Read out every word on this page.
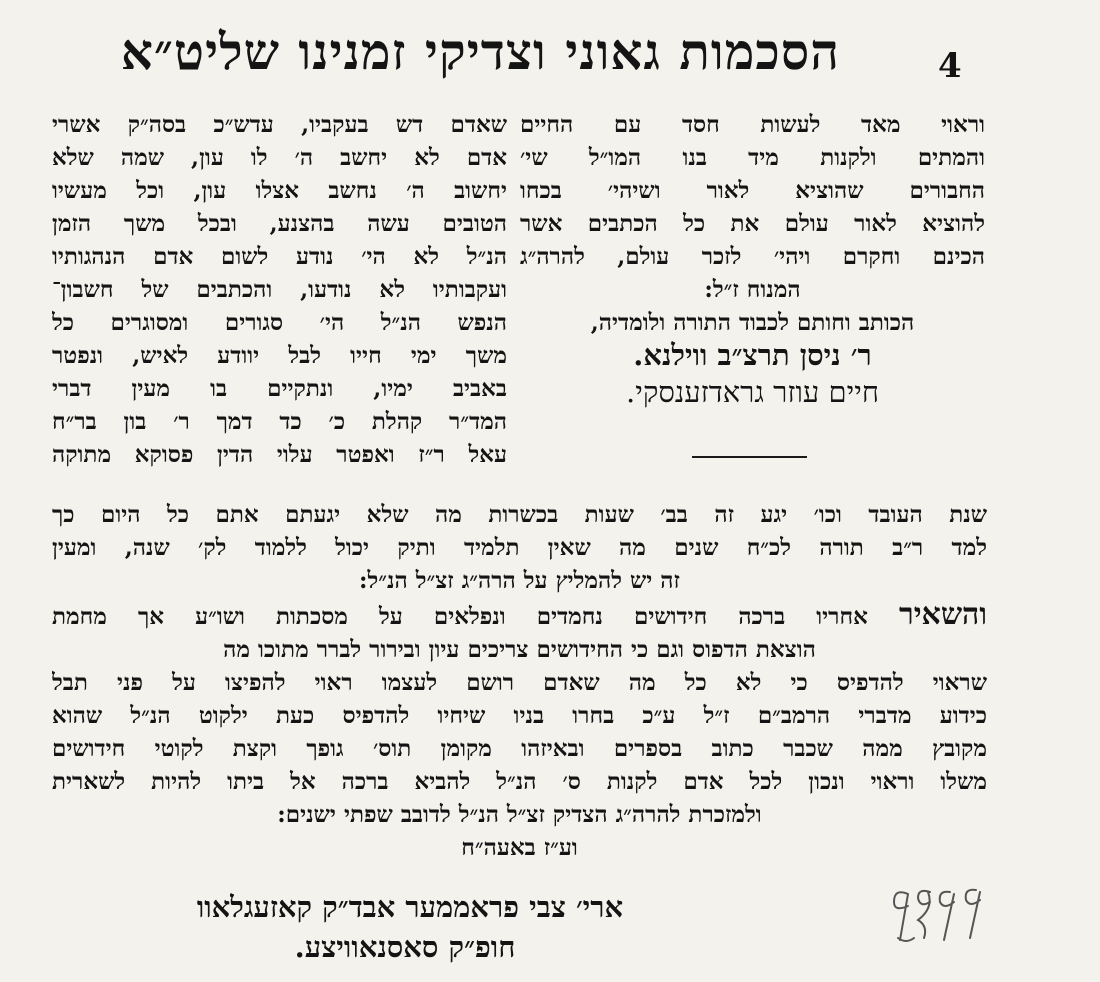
4
הסכמות גאוני וצדיקי זמנינו שליט״א
וראוי מאד לעשות חסד עם החיים
והמתים ולקנות מיד בנו המו״ל שי׳
החבורים שהוציא לאור ושיהי׳ בכחו
להוציא לאור עולם את כל הכתבים אשר
הכינם וחקרם ויהי׳ לזכר עולם, להרה״ג
המנוח ז״ל:
הכותב וחותם לכבוד התורה ולומדיה,
ר׳ ניסן תרצ״ב ווילנא.
חיים עוזר גראדזענסקי.
שאדם דש בעקביו, עדש״כ בסה״ק אשרי
אדם לא יחשב ה׳ לו עון, שמה שלא
יחשוב ה׳ נחשב אצלו עון, וכל מעשיו
הטובים עשה בהצנע, ובכל משך הזמן
הנ״ל לא הי׳ נודע לשום אדם הנהגותיו
ועקבותיו לא נודעו, והכתבים של חשבון־
הנפש הנ״ל הי׳ סגורים ומסוגרים כל
משך ימי חייו לבל יוודע לאיש, ונפטר
באביב ימיו, ונתקיים בו מעין דברי
המד״ר קהלת כ׳ כד דמך ר׳ בון בר״ח
עאל ר״ז ואפטר עלוי הדין פסוקא מתוקה
שנת העובד וכו׳ יגע זה בב׳ שעות בכשרות מה שלא יגעתם אתם כל היום כך
למד ר״ב תורה לכ״ח שנים מה שאין תלמיד ותיק יכול ללמוד לק׳ שנה, ומעין
זה יש להמליץ על הרה״ג זצ״ל הנ״ל:
והשאיר אחריו ברכה חידושים נחמדים ונפלאים על מסכתות ושו״ע אך מחמת
הוצאת הדפוס וגם כי החידושים צריכים עיון ובירור לברר מתוכו מה
שראוי להדפיס כי לא כל מה שאדם רושם לעצמו ראוי להפיצו על פני תבל
כידוע מדברי הרמב״ם ז״ל ע״כ בחרו בניו שיחיו להדפיס כעת ילקוט הנ״ל שהוא
מקובץ ממה שכבר כתוב בספרים ובאיזהו מקומן תוס׳ גופך וקצת לקוטי חידושים
משלו וראוי ונכון לכל אדם לקנות ס׳ הנ״ל להביא ברכה אל ביתו להיות לשארית
ולמזכרת להרה״ג הצדיק זצ״ל הנ״ל לדובב שפתי ישנים:
וע״ז באעה״ח
ארי׳ צבי פראממער אבד״ק קאזעגלאוו
חופ״ק סאסנאוויצע.
